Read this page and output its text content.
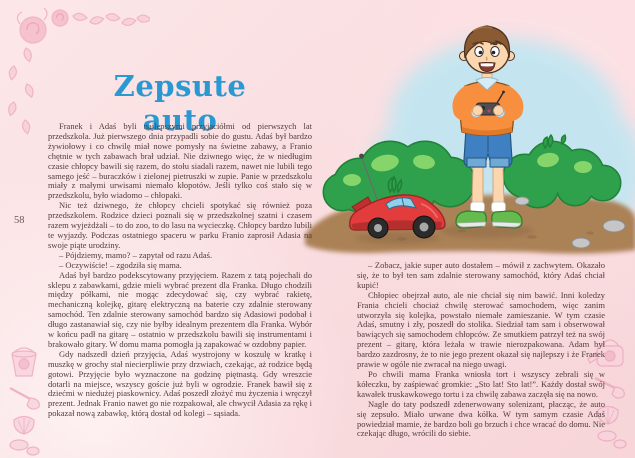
Zepsute
auto
58

Franek i Adaś byli najlepszymi przyjaciółmi od pierwszych lat przedszkola. Już pierwszego dnia przypadli sobie do gustu. Adaś był bardzo żywiołowy i co chwilę miał nowe pomysły na świetne zabawy, a Franio chętnie w tych zabawach brał udział. Nie dziwnego więc, że w niedługim czasie chłopcy bawili się razem, do stołu siadali razem, nawet nie lubili tego samego jeść – buraczków i zielonej pietruszki w zupie. Panie w przedszkolu miały z małymi urwisami niemało kłopotów. Jeśli tylko coś stało się w przedszkolu, było wiadomo – chłopaki.

Nic też dziwnego, że chłopcy chcieli spotykać się również poza przedszkolem. Rodzice dzieci poznali się w przedszkolnej szatni i czasem razem wyjeżdżali – to do zoo, to do lasu na wycieczkę. Chłopcy bardzo lubili te wyjazdy. Podczas ostatniego spaceru w parku Franio zaprosił Adasia na swoje piąte urodziny.

– Pójdziemy, mamo? – zapytał od razu Adaś.

– Oczywiście! – zgodziła się mama.

Adaś był bardzo podekscytowany przyjęciem. Razem z tatą pojechali do sklepu z zabawkami, gdzie mieli wybrać prezent dla Franka. Długo chodzili między półkami, nie mogąc zdecydować się, czy wybrać rakietę, mechaniczną kolejkę, gitarę elektryczną na baterie czy zdalnie sterowany samochód. Ten zdalnie sterowany samochód bardzo się Adasiowi podobał i długo zastanawiał się, czy nie byłby idealnym prezentem dla Franka. Wybór w końcu padł na gitarę – ostatnio w przedszkolu bawili się instrumentami i brakowało gitary. W domu mama pomogła ją zapakować w ozdobny papier.

Gdy nadszedł dzień przyjęcia, Adaś wystrojony w koszulę w kratkę i muszkę w grochy stał niecierpliwie przy drzwiach, czekając, aż rodzice będą gotowi. Przyjęcie było wyznaczone na godzinę piętnastą. Gdy wreszcie dotarli na miejsce, wszyscy goście już byli w ogrodzie. Franek bawił się z dziećmi w niedużej piaskownicy. Adaś poszedł złożyć mu życzenia i wręczył prezent. Jednak Franio nawet go nie rozpakował, ale chwycił Adasia za rękę i pokazał nową zabawkę, którą dostał od kolegi – sąsiada.

– Zobacz, jakie super auto dostałem – mówił z zachwytem. Okazało się, że to był ten sam zdalnie sterowany samochód, który Adaś chciał kupić!

Chłopiec obejrzał auto, ale nie chciał się nim bawić. Inni koledzy Frania chcieli chociaż chwilę sterować samochodem, więc zanim utworzyła się kolejka, powstało niemałe zamieszanie. W tym czasie Adaś, smutny i zły, poszedł do stolika. Siedział tam sam i obserwował bawiących się samochodem chłopców. Ze smutkiem patrzył też na swój prezent – gitarę, która leżała w trawie nierozpakowana. Adam był bardzo zazdrosny, że to nie jego prezent okazał się najlepszy i że Franek prawie w ogóle nie zwracał na niego uwagi.

Po chwili mama Franka wniosła tort i wszyscy zebrali się w kółeczku, by zaśpiewać gromkie: „Sto lat! Sto lat!”. Każdy dostał swój kawałek truskawkowego tortu i za chwilę zabawa zaczęła się na nowo.

Nagle do taty podszedł zdenerwowany solenizant, płacząc, że auto się zepsuło. Miało urwane dwa kółka. W tym samym czasie Adaś powiedział mamie, że bardzo boli go brzuch i chce wracać do domu. Nie czekając długo, wrócili do siebie.
